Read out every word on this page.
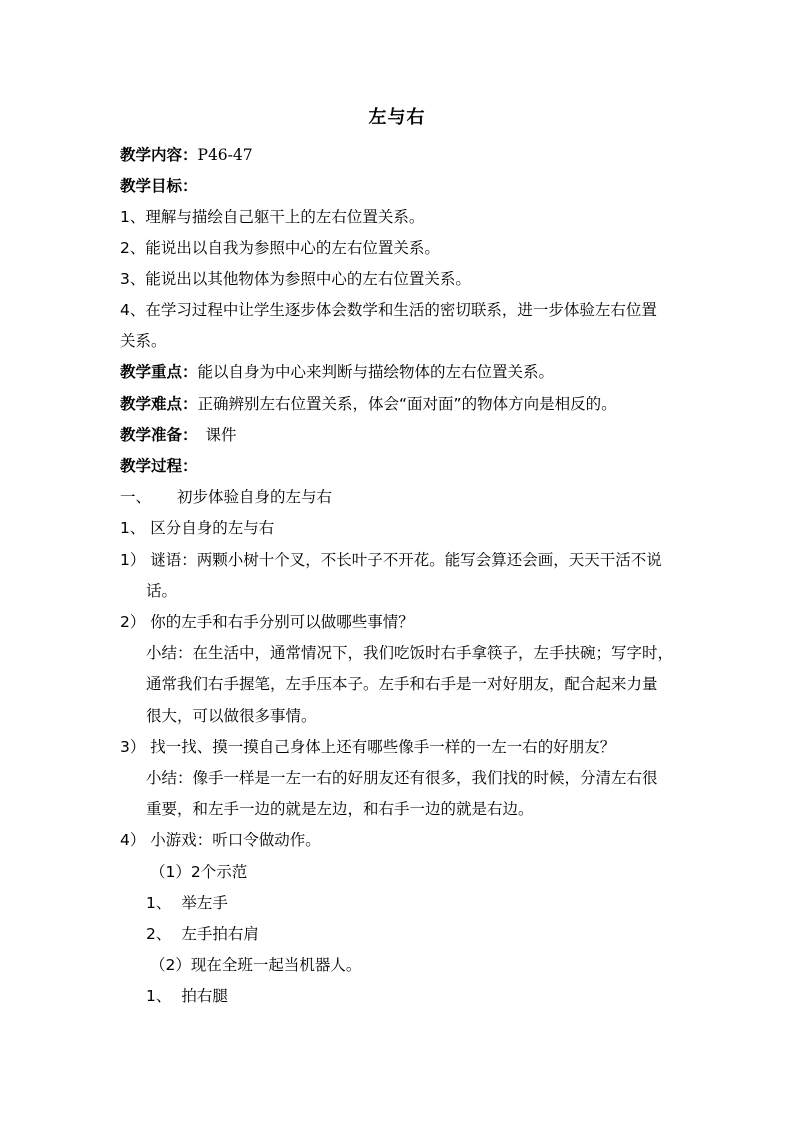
左与右
教学内容：P46-47
教学目标：
1、理解与描绘自己躯干上的左右位置关系。
2、能说出以自我为参照中心的左右位置关系。
3、能说出以其他物体为参照中心的左右位置关系。
4、在学习过程中让学生逐步体会数学和生活的密切联系，进一步体验左右位置
关系。
教学重点：能以自身为中心来判断与描绘物体的左右位置关系。
教学难点：正确辨别左右位置关系，体会“面对面”的物体方向是相反的。
教学准备： 课件
教学过程：
一、 初步体验自身的左与右
1、 区分自身的左与右
1） 谜语：两颗小树十个叉，不长叶子不开花。能写会算还会画，天天干活不说
话。
2） 你的左手和右手分别可以做哪些事情？
小结：在生活中，通常情况下，我们吃饭时右手拿筷子，左手扶碗；写字时，
通常我们右手握笔，左手压本子。左手和右手是一对好朋友，配合起来力量
很大，可以做很多事情。
3） 找一找、摸一摸自己身体上还有哪些像手一样的一左一右的好朋友？
小结：像手一样是一左一右的好朋友还有很多，我们找的时候，分清左右很
重要，和左手一边的就是左边，和右手一边的就是右边。
4） 小游戏：听口令做动作。
（1）2个示范
1、 举左手
2、 左手拍右肩
（2）现在全班一起当机器人。
1、 拍右腿
